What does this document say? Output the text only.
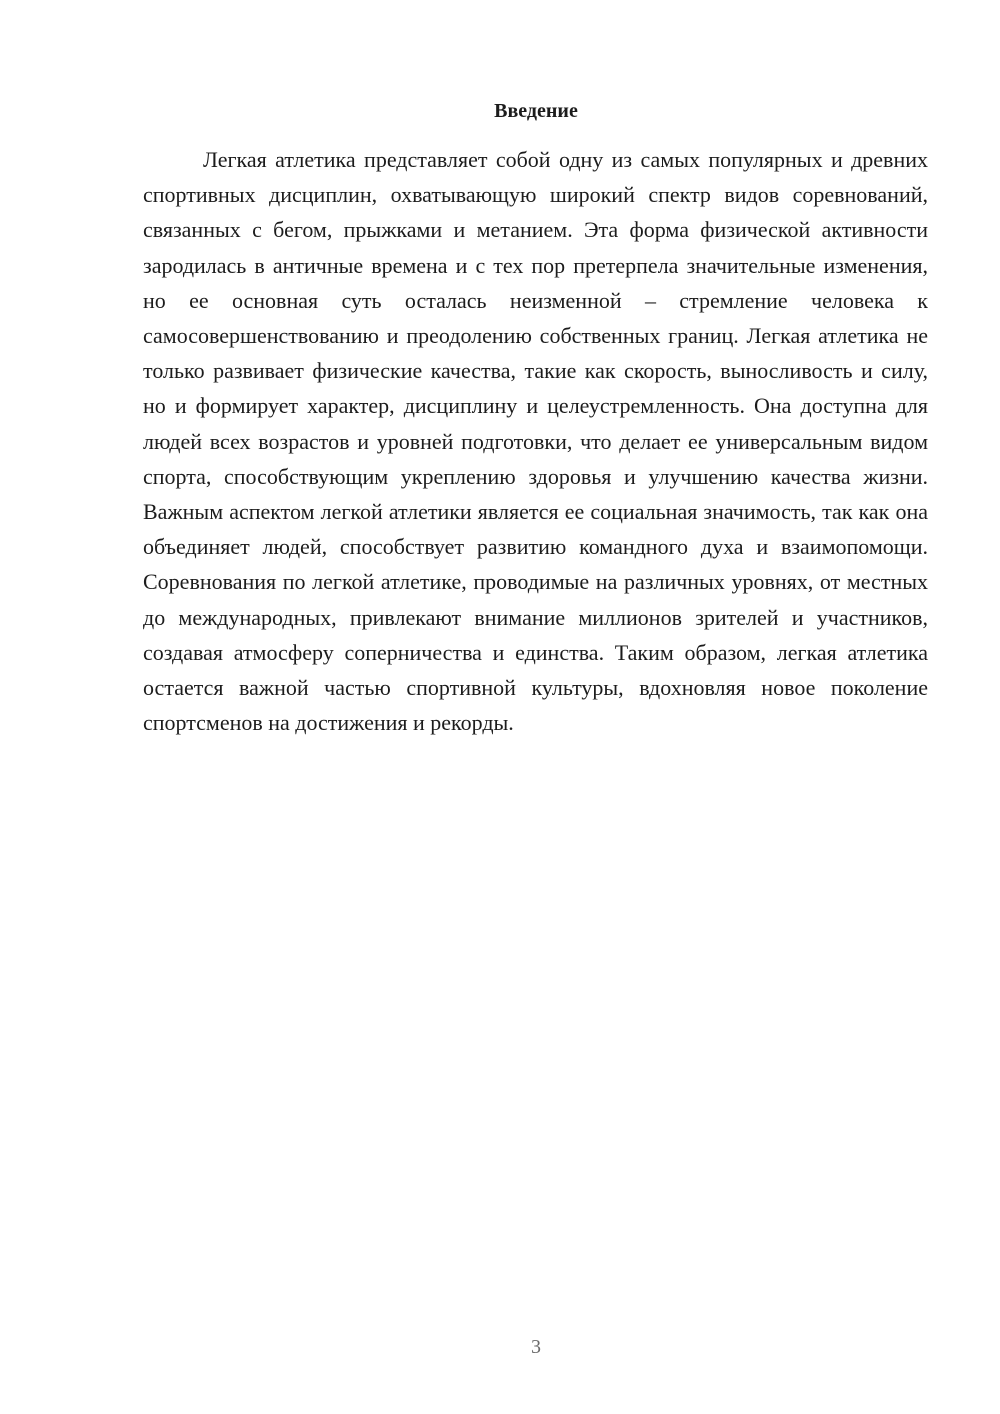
Введение

Легкая атлетика представляет собой одну из самых популярных и древних спортивных дисциплин, охватывающую широкий спектр видов соревнований, связанных с бегом, прыжками и метанием. Эта форма физической активности зародилась в античные времена и с тех пор претерпела значительные изменения, но ее основная суть осталась неизменной – стремление человека к самосовершенствованию и преодолению собственных границ. Легкая атлетика не только развивает физические качества, такие как скорость, выносливость и силу, но и формирует характер, дисциплину и целеустремленность. Она доступна для людей всех возрастов и уровней подготовки, что делает ее универсальным видом спорта, способствующим укреплению здоровья и улучшению качества жизни. Важным аспектом легкой атлетики является ее социальная значимость, так как она объединяет людей, способствует развитию командного духа и взаимопомощи. Соревнования по легкой атлетике, проводимые на различных уровнях, от местных до международных, привлекают внимание миллионов зрителей и участников, создавая атмосферу соперничества и единства. Таким образом, легкая атлетика остается важной частью спортивной культуры, вдохновляя новое поколение спортсменов на достижения и рекорды.

3
